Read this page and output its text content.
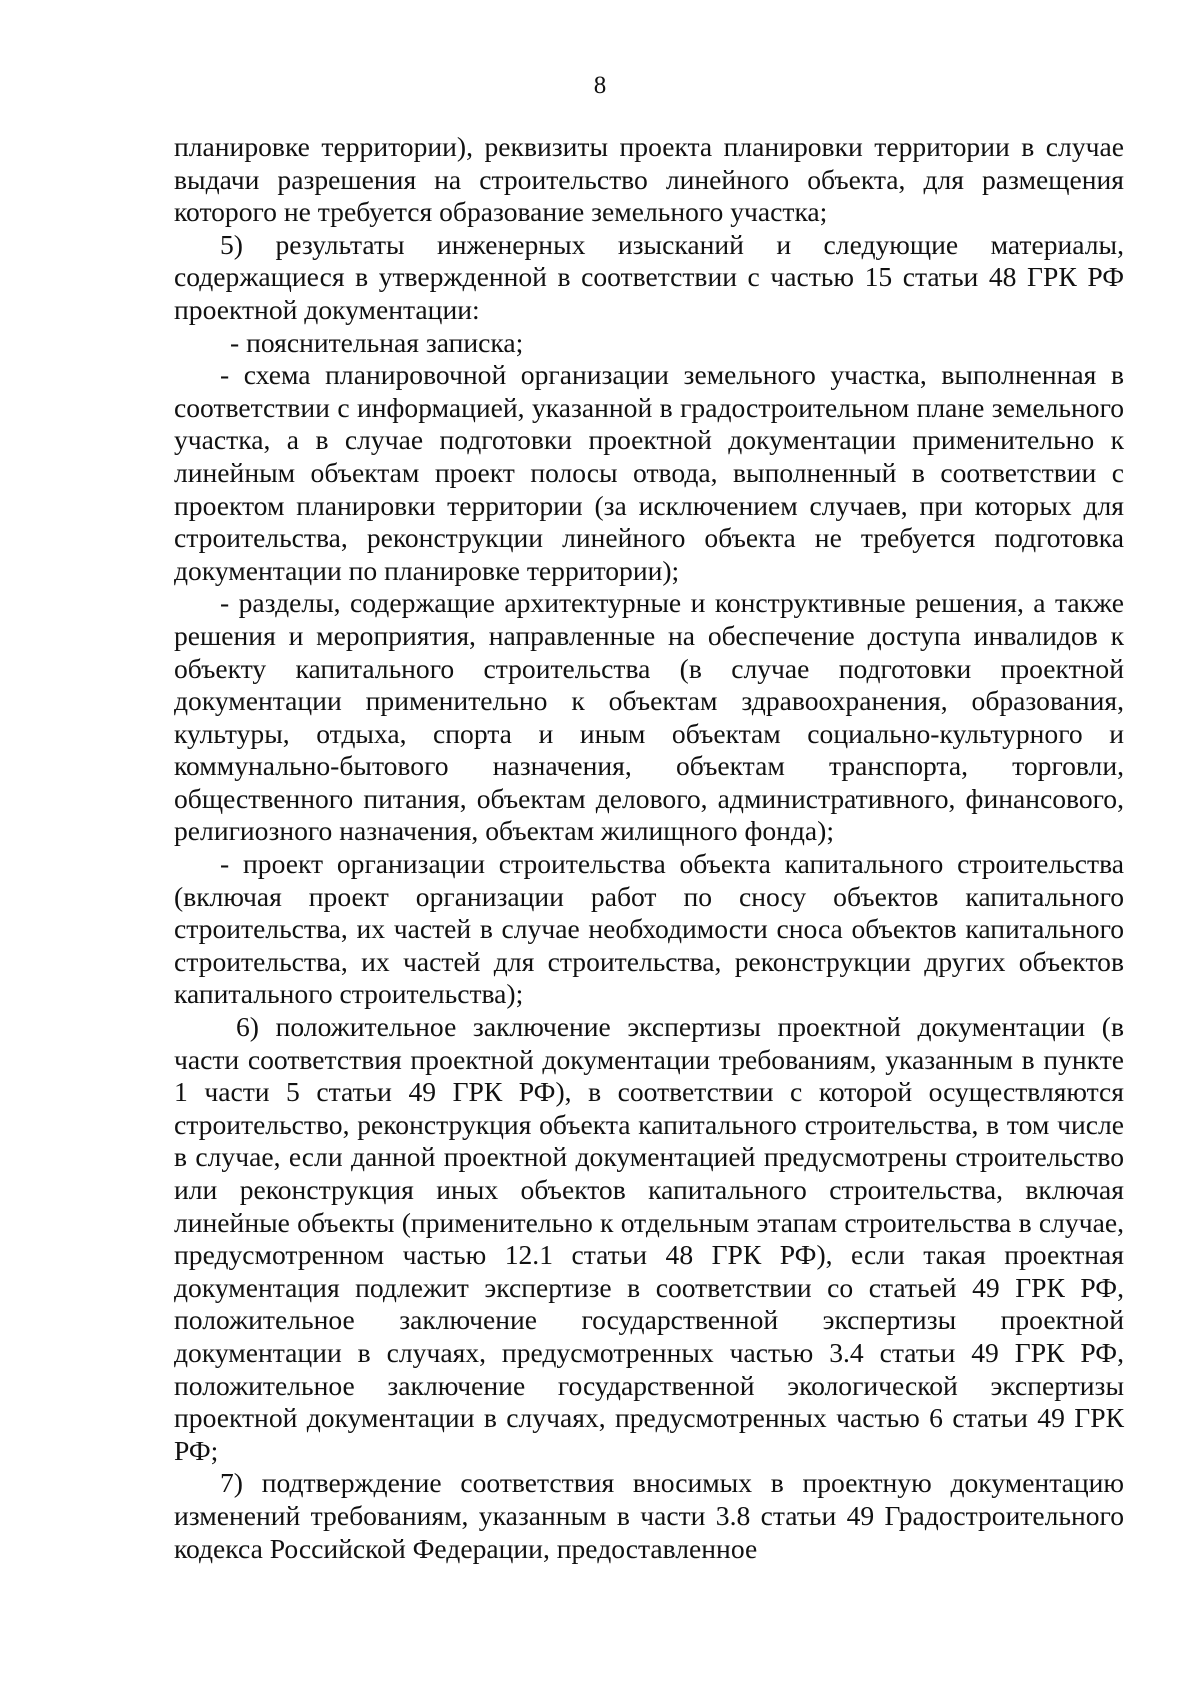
8

планировке территории), реквизиты проекта планировки территории в случае выдачи разрешения на строительство линейного объекта, для размещения которого не требуется образование земельного участка;

5) результаты инженерных изысканий и следующие материалы, содержащиеся в утвержденной в соответствии с частью 15 статьи 48 ГРК РФ проектной документации:

- пояснительная записка;

- схема планировочной организации земельного участка, выполненная в соответствии с информацией, указанной в градостроительном плане земельного участка, а в случае подготовки проектной документации применительно к линейным объектам проект полосы отвода, выполненный в соответствии с проектом планировки территории (за исключением случаев, при которых для строительства, реконструкции линейного объекта не требуется подготовка документации по планировке территории);

- разделы, содержащие архитектурные и конструктивные решения, а также решения и мероприятия, направленные на обеспечение доступа инвалидов к объекту капитального строительства (в случае подготовки проектной документации применительно к объектам здравоохранения, образования, культуры, отдыха, спорта и иным объектам социально-культурного и коммунально-бытового назначения, объектам транспорта, торговли, общественного питания, объектам делового, административного, финансового, религиозного назначения, объектам жилищного фонда);

- проект организации строительства объекта капитального строительства (включая проект организации работ по сносу объектов капитального строительства, их частей в случае необходимости сноса объектов капитального строительства, их частей для строительства, реконструкции других объектов капитального строительства);

6) положительное заключение экспертизы проектной документации (в части соответствия проектной документации требованиям, указанным в пункте 1 части 5 статьи 49 ГРК РФ), в соответствии с которой осуществляются строительство, реконструкция объекта капитального строительства, в том числе в случае, если данной проектной документацией предусмотрены строительство или реконструкция иных объектов капитального строительства, включая линейные объекты (применительно к отдельным этапам строительства в случае, предусмотренном частью 12.1 статьи 48 ГРК РФ), если такая проектная документация подлежит экспертизе в соответствии со статьей 49 ГРК РФ, положительное заключение государственной экспертизы проектной документации в случаях, предусмотренных частью 3.4 статьи 49 ГРК РФ, положительное заключение государственной экологической экспертизы проектной документации в случаях, предусмотренных частью 6 статьи 49 ГРК РФ;

7) подтверждение соответствия вносимых в проектную документацию изменений требованиям, указанным в части 3.8 статьи 49 Градостроительного кодекса Российской Федерации, предоставленное
